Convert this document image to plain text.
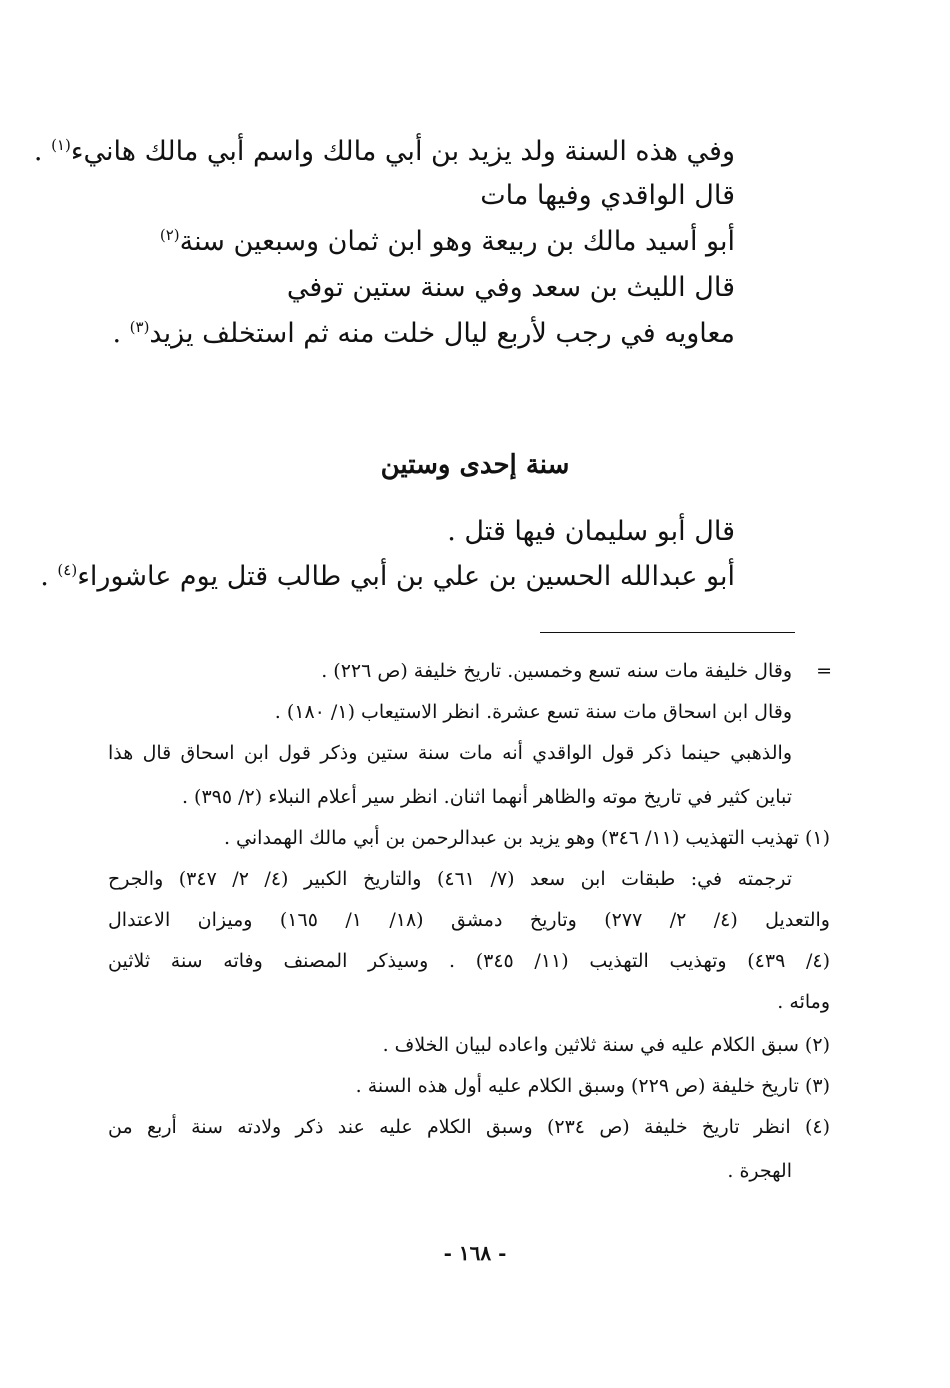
وفي هذه السنة ولد يزيد بن أبي مالك واسم أبي مالك هانيء$^{(١)}$ .
قال الواقدي وفيها مات
أبو أسيد مالك بن ربيعة وهو ابن ثمان وسبعين سنة$^{(٢)}$
قال الليث بن سعد وفي سنة ستين توفي
معاويه في رجب لأربع ليال خلت منه ثم استخلف يزيد$^{(٣)}$ .
سنة إحدى وستين
قال أبو سليمان فيها قتل .
أبو عبدالله الحسين بن علي بن أبي طالب قتل يوم عاشوراء$^{(٤)}$ .
=
وقال خليفة مات سنه تسع وخمسين. تاريخ خليفة (ص ٢٢٦) .
وقال ابن اسحاق مات سنة تسع عشرة. انظر الاستيعاب (١/ ١٨٠) .
والذهبي حينما ذكر قول الواقدي أنه مات سنة ستين وذكر قول ابن اسحاق قال هذا
تباين كثير في تاريخ موته والظاهر أنهما اثنان. انظر سير أعلام النبلاء (٢/ ٣٩٥) .
(١) تهذيب التهذيب (١١/ ٣٤٦) وهو يزيد بن عبدالرحمن بن أبي مالك الهمداني .
ترجمته في: طبقات ابن سعد (٧/ ٤٦١) والتاريخ الكبير (٤/ ٢/ ٣٤٧) والجرح
والتعديل (٤/ ٢/ ٢٧٧) وتاريخ دمشق (١٨/ ١/ ١٦٥) وميزان الاعتدال
(٤/ ٤٣٩) وتهذيب التهذيب (١١/ ٣٤٥) . وسيذكر المصنف وفاته سنة ثلاثين
ومائه .
(٢) سبق الكلام عليه في سنة ثلاثين واعاده لبيان الخلاف .
(٣) تاريخ خليفة (ص ٢٢٩) وسبق الكلام عليه أول هذه السنة .
(٤) انظر تاريخ خليفة (ص ٢٣٤) وسبق الكلام عليه عند ذكر ولادته سنة أربع من
الهجرة .
- ١٦٨ -
